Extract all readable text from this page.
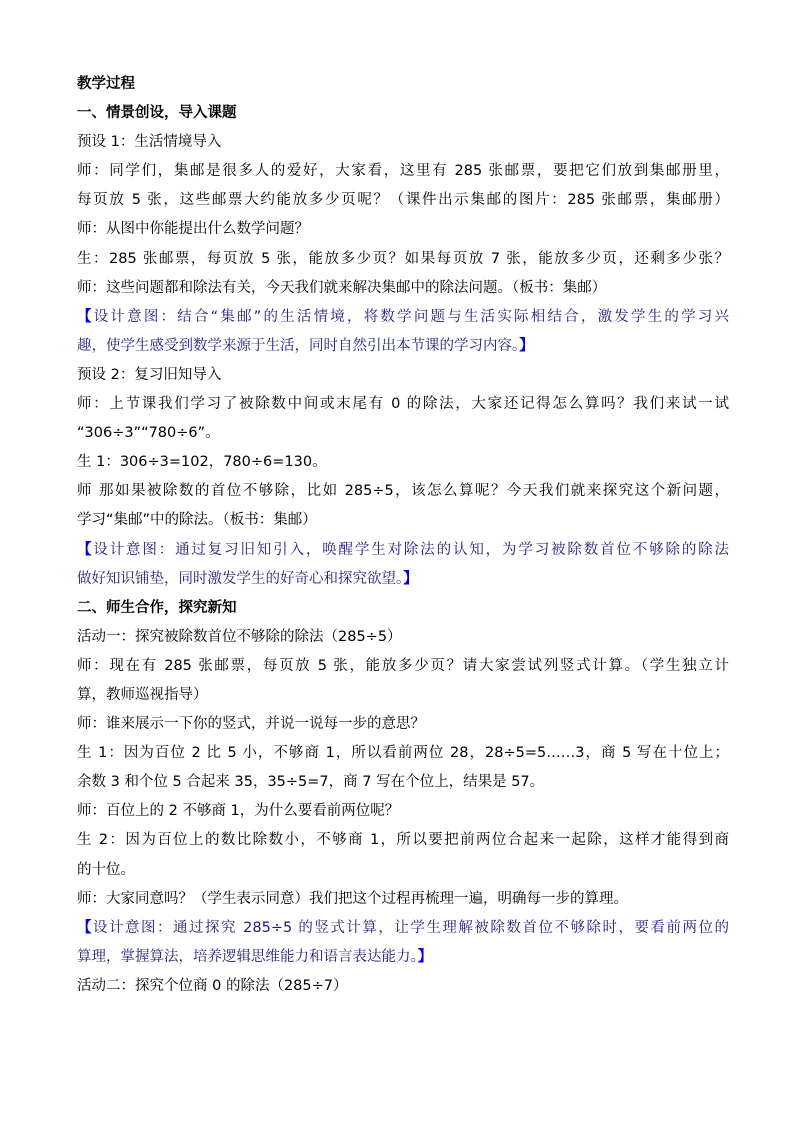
教学过程
一、情景创设，导入课题
预设 1：生活情境导入
师：同学们，集邮是很多人的爱好，大家看，这里有 285 张邮票，要把它们放到集邮册里，
每页放 5 张，这些邮票大约能放多少页呢？（课件出示集邮的图片：285 张邮票，集邮册）
师：从图中你能提出什么数学问题？
生：285 张邮票，每页放 5 张，能放多少页？如果每页放 7 张，能放多少页，还剩多少张？
师：这些问题都和除法有关，今天我们就来解决集邮中的除法问题。（板书：集邮）
【设计意图：结合“集邮”的生活情境，将数学问题与生活实际相结合，激发学生的学习兴
趣，使学生感受到数学来源于生活，同时自然引出本节课的学习内容。】
预设 2：复习旧知导入
师：上节课我们学习了被除数中间或末尾有 0 的除法，大家还记得怎么算吗？我们来试一试
“306÷3”“780÷6”。
生 1：306÷3=102，780÷6=130。
师 那如果被除数的首位不够除，比如 285÷5，该怎么算呢？今天我们就来探究这个新问题，
学习“集邮”中的除法。（板书：集邮）
【设计意图：通过复习旧知引入，唤醒学生对除法的认知，为学习被除数首位不够除的除法
做好知识铺垫，同时激发学生的好奇心和探究欲望。】
二、师生合作，探究新知
活动一：探究被除数首位不够除的除法（285÷5）
师：现在有 285 张邮票，每页放 5 张，能放多少页？请大家尝试列竖式计算。（学生独立计
算，教师巡视指导）
师：谁来展示一下你的竖式，并说一说每一步的意思？
生 1：因为百位 2 比 5 小，不够商 1，所以看前两位 28，28÷5=5……3，商 5 写在十位上；
余数 3 和个位 5 合起来 35，35÷5=7，商 7 写在个位上，结果是 57。
师：百位上的 2 不够商 1，为什么要看前两位呢？
生 2：因为百位上的数比除数小，不够商 1，所以要把前两位合起来一起除，这样才能得到商
的十位。
师：大家同意吗？（学生表示同意）我们把这个过程再梳理一遍，明确每一步的算理。
【设计意图：通过探究 285÷5 的竖式计算，让学生理解被除数首位不够除时，要看前两位的
算理，掌握算法，培养逻辑思维能力和语言表达能力。】
活动二：探究个位商 0 的除法（285÷7）
